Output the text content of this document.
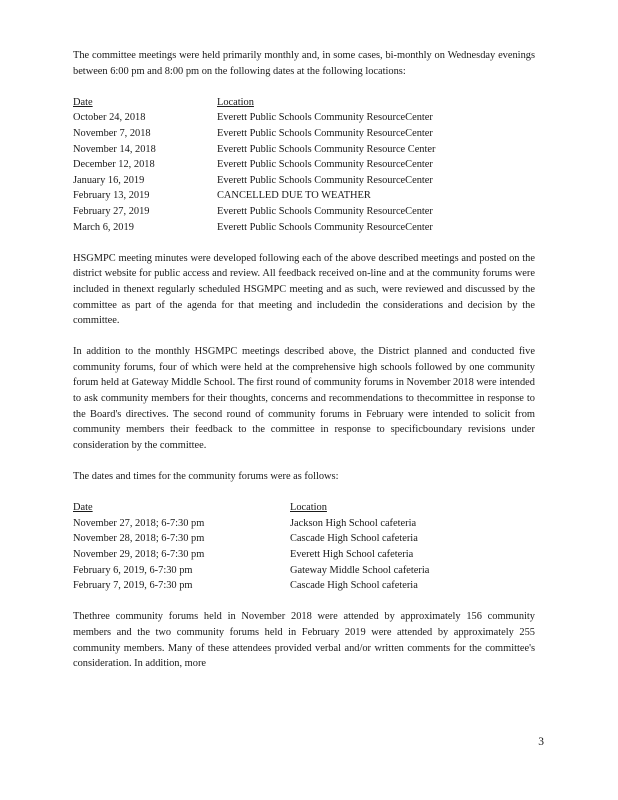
The committee meetings were held primarily monthly and, in some cases, bi-monthly on Wednesday evenings between 6:00 pm and 8:00 pm on the following dates at the following locations:

Date	Location
October 24, 2018	Everett Public Schools Community ResourceCenter
November 7, 2018	Everett Public Schools Community ResourceCenter
November 14, 2018	Everett Public Schools Community Resource Center
December 12, 2018	Everett Public Schools Community ResourceCenter
January 16, 2019	Everett Public Schools Community ResourceCenter
February 13, 2019	CANCELLED DUE TO WEATHER
February 27, 2019	Everett Public Schools Community ResourceCenter
March 6, 2019	Everett Public Schools Community ResourceCenter

HSGMPC meeting minutes were developed following each of the above described meetings and posted on the district website for public access and review. All feedback received on-line and at the community forums were included in thenext regularly scheduled HSGMPC meeting and as such, were reviewed and discussed by the committee as part of the agenda for that meeting and includedin the considerations and decision by the committee.

In addition to the monthly HSGMPC meetings described above, the District planned and conducted five community forums, four of which were held at the comprehensive high schools followed by one community forum held at Gateway Middle School. The first round of community forums in November 2018 were intended to ask community members for their thoughts, concerns and recommendations to thecommittee in response to the Board's directives. The second round of community forums in February were intended to solicit from community members their feedback to the committee in response to specificboundary revisions under consideration by the committee.

The dates and times for the community forums were as follows:

Date	Location
November 27, 2018; 6-7:30 pm	Jackson High School cafeteria
November 28, 2018; 6-7:30 pm	Cascade High School cafeteria
November 29, 2018; 6-7:30 pm	Everett High School cafeteria
February 6, 2019, 6-7:30 pm	Gateway Middle School cafeteria
February 7, 2019, 6-7:30 pm	Cascade High School cafeteria

Thethree community forums held in November 2018 were attended by approximately 156 community members and the two community forums held in February 2019 were attended by approximately 255 community members. Many of these attendees provided verbal and/or written comments for the committee's consideration. In addition, more

3
